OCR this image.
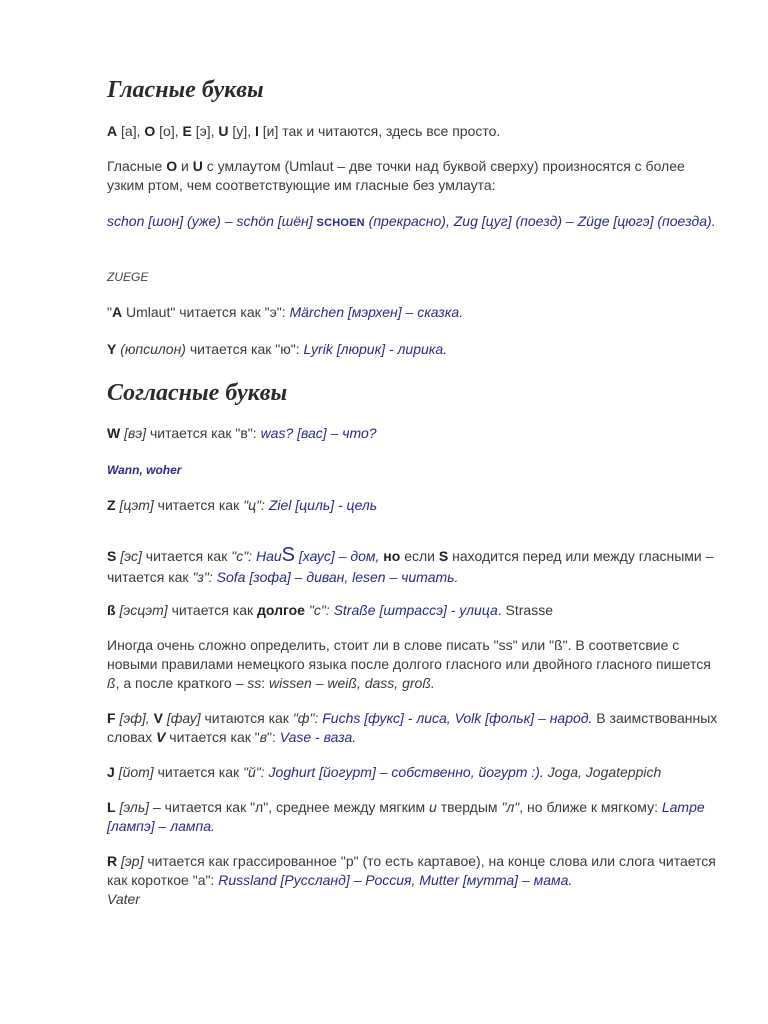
Гласные буквы

A [а], O [о], E [э], U [у], I [и] так и читаются, здесь все просто.

Гласные O и U с умлаутом (Umlaut – две точки над буквой сверху) произносятся с более узким ртом, чем соответствующие им гласные без умлаута:

schon [шон] (уже) – schön [шён] SCHOEN (прекрасно), Zug [цуг] (поезд) – Züge [цюгэ] (поезда).

ZUEGE

"A Umlaut" читается как "э": Märchen [мэрхен] – сказка.

Y (юпсилон) читается как "ю": Lyrik [люрик] - лирика.

Согласные буквы

W [вэ] читается как "в": was? [вас] – что?

Wann, woher

Z [цэт] читается как "ц": Ziel [циль] - цель

S [эс] читается как "с": HauS [хаус] – дом, но если S находится перед или между гласными – читается как "з": Sofa [зофа] – диван, lesen – читать.

ß [эсцэт] читается как долгое "с": Straße [штрассэ] - улица. Strasse

Иногда очень сложно определить, стоит ли в слове писать "ss" или "ß". В соответсвие с новыми правилами немецкого языка после долгого гласного или двойного гласного пишется ß, а после краткого – ss: wissen – weiß, dass, groß.

F [эф], V [фау] читаются как "ф": Fuchs [фукс] - лиса, Volk [фольк] – народ. В заимствованных словах V читается как "в": Vase - ваза.

J [йот] читается как "й": Joghurt [йогурт] – собственно, йогурт :). Joga, Jogateppich

L [эль] – читается как "л", среднее между мягким и твердым "л", но ближе к мягкому: Lampe [лампэ] – лампа.

R [эр] читается как грассированное "р" (то есть картавое), на конце слова или слога читается как короткое "а": Russland [Руссланд] – Россия, Mutter [мутта] – мама.
Vater
